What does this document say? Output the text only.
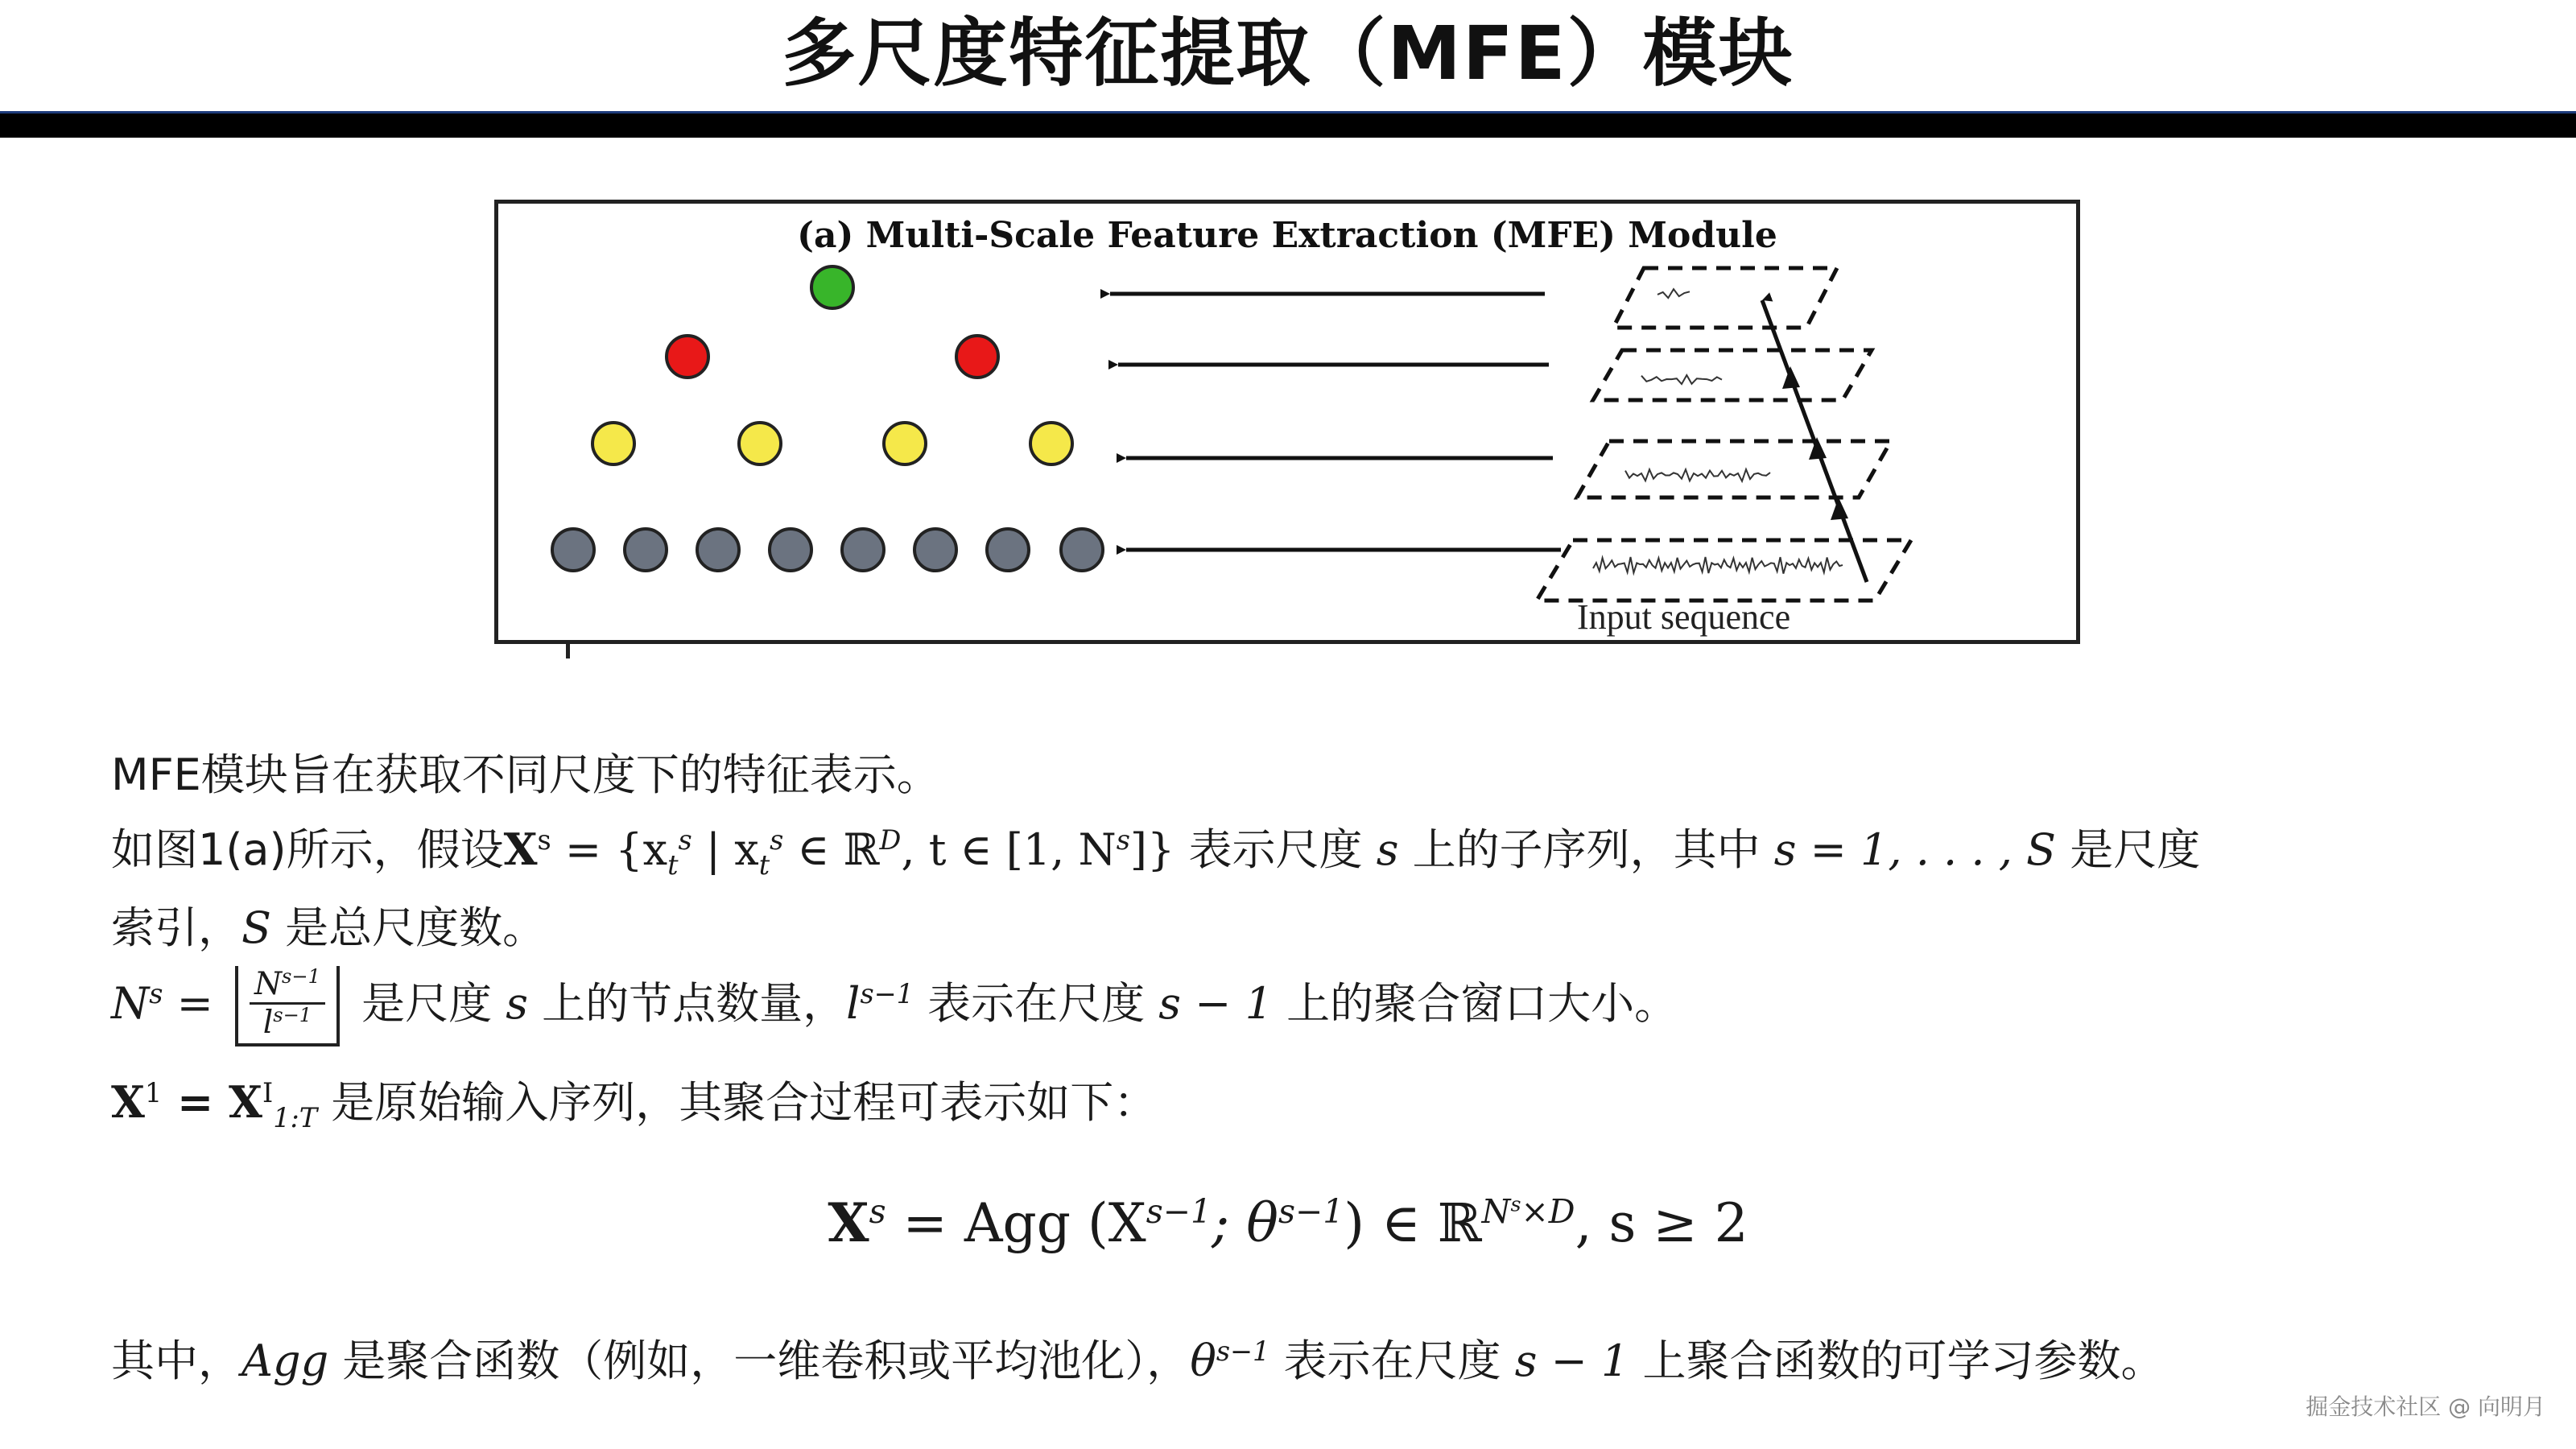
多尺度特征提取（MFE）模块
(a) Multi-Scale Feature Extraction (MFE) Module
Input sequence
MFE模块旨在获取不同尺度下的特征表示。
如图1(a)所示，假设$X^s = \{x_t^s$ | $x_t^s$ ∈ ℝ$^D$, t ∈ [1, $N^s$]} 表示尺度 s 上的子序列，其中 s = 1, . . . , S 是尺度
索引，S 是总尺度数。
$N^s = \frac{N^{s-1}}{l^{s-1}}$ 是尺度 s 上的节点数量，$l^{s-1}$ 表示在尺度 s − 1 上的聚合窗口大小。
$X^1 = X^I_{1:T}$ 是原始输入序列，其聚合过程可表示如下：
$X^s$ = Agg ($X^{s-1}$; $\theta^{s-1}$) ∈ ℝ$^{N^s\times D}$, s ≥ 2
其中，Agg 是聚合函数（例如，一维卷积或平均池化），$\theta^{s-1}$ 表示在尺度 s − 1 上聚合函数的可学习参数。
掘金技术社区 @ 向明月
